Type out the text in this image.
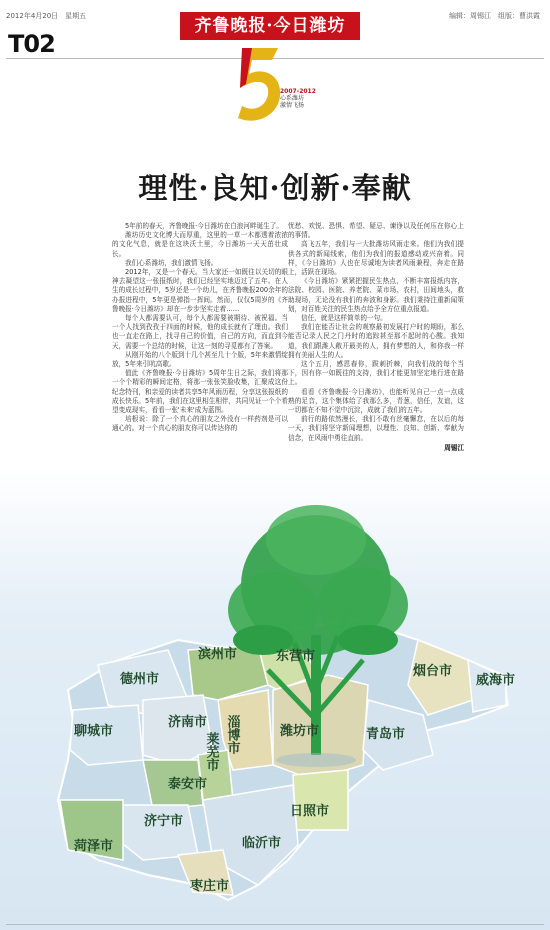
2012年4月20日　星期五	编辑：周锡江　组版：曹洪霞
齐鲁晚报·今日潍坊
T02
2007-2012
心系潍坊
激情飞扬
理性·良知·创新·奉献

5年前的春天，齐鲁晚报·今日潍坊在白浪河畔诞生了。

潍坊历史文化博大而厚重，这里的一草一木都透着浓浓的文化气息，就是在这块沃土里，今日潍坊一天天茁壮成长。

我们心系潍坊，我们激情飞扬。

2012年，又是一个春天。当大家还一如既往以关切的眼神去凝望这一张报纸时，我们已经坚实地迈过了五年。在人生的成长过程中，5岁还是一个幼儿，在齐鲁晚报200余年的办报进程中，5年更是弹指一挥间。然而，仅仅5周岁的《齐鲁晚报·今日潍坊》却在一步步坚实走着……

每个人都需要认可，每个人都需要被期待、被祝福。当一个人找到孜孜于四面的时候，他的成长就有了理由。我们也一直走在路上，找寻自己的价值，自己的方向，而直到今天，需要一个总结的时候，让这一刻的寻觅都有了答案。

从刚开始的八个版到十几个甚至几十个版，5年来激情绽放，5年来引吭高歌。

值此《齐鲁晚报·今日潍坊》5周年生日之际，我们将那一个个精彩的瞬间定格，将那一张张笑脸收集，汇聚成这份纪念特刊，和亲爱的读者共享5年风雨历程，分享这张报纸的成长快乐。5年前，我们在这里相生相伴，共同见证一个个希望变成现实，看看一张'未来'成为蓝图。

培根说：除了一个真心的朋友之外没有一样药剂是可以通心的。对一个真心的朋友你可以传达你的

忧愁、欢悦、恐惧、希望、疑忌、谏诤以及任何压在你心上的事情。

高飞五年，我们与一大批潍坊风雨走来。他们为我们提供各式的新闻线索，他们为我们的报道感动或兴奋着。同样，《今日潍坊》人也在尽诚地为读者风雨兼程，奔走在路上，活跃在现场。

《今日潍坊》紧紧把握民生热点，不断丰富报纸内容，法院、校园、医院、养老院、菜市场、农村，田间地头，救助现场，无论没有我们的奔波和身影。我们秉持注重新闻策划，对百姓关注的民生热点给予全方位重点报道。

信任，就是这样简单的一句。

我们在能否让社会的观察最初发展打户时的期盼，那么能否记录人民之门丹时的追踪甚至那不起时的心酸。我知道，我们跟潍人敞开最美的人，拥有梦想的人，和你我一样拥有美丽人生的人。

这个五月，感恩春你，跋刺折棘，向我们战的每个当下，因有你一如既往的支持，我们才能更加坚定地行进在路上。

看看《齐鲁晚报·今日潍坊》，也能听见自己一点一点成熟的足音，这个集体给了我那么多，青葱，信任，友谊，这一切都在不知不觉中沉淀，成就了我们的五年。

前行的路依然漫长，我们不敢有丝毫懈怠，在以后的每一天，我们将坚守新闻理想，以理性、良知、创新、奉献为信念，在风雨中勇往直前。

周锡江
德州市
滨州市	东营市
烟台市
威海市
聊城市
济南市 淄博市	潍坊市	青岛市
莱芜市
泰安市
日照市
济宁市
临沂市
菏泽市
枣庄市
